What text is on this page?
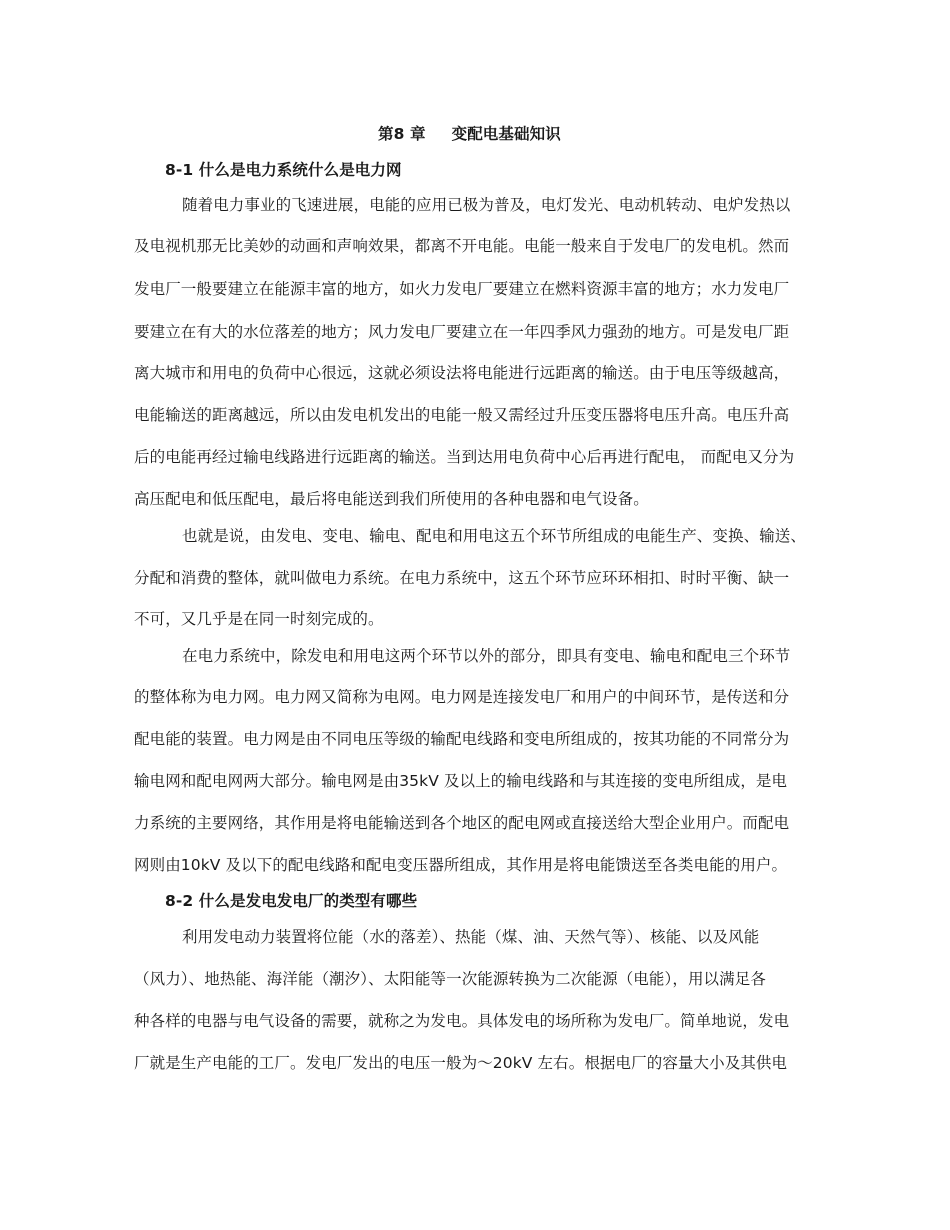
第8 章 变配电基础知识
8-1 什么是电力系统什么是电力网
随着电力事业的飞速进展，电能的应用已极为普及，电灯发光、电动机转动、电炉发热以
及电视机那无比美妙的动画和声响效果，都离不开电能。电能一般来自于发电厂的发电机。然而
发电厂一般要建立在能源丰富的地方，如火力发电厂要建立在燃料资源丰富的地方；水力发电厂
要建立在有大的水位落差的地方；风力发电厂要建立在一年四季风力强劲的地方。可是发电厂距
离大城市和用电的负荷中心很远，这就必须设法将电能进行远距离的输送。由于电压等级越高，
电能输送的距离越远，所以由发电机发出的电能一般又需经过升压变压器将电压升高。电压升高
后的电能再经过输电线路进行远距离的输送。当到达用电负荷中心后再进行配电， 而配电又分为
高压配电和低压配电，最后将电能送到我们所使用的各种电器和电气设备。
也就是说，由发电、变电、输电、配电和用电这五个环节所组成的电能生产、变换、输送、
分配和消费的整体，就叫做电力系统。在电力系统中，这五个环节应环环相扣、时时平衡、缺一
不可，又几乎是在同一时刻完成的。
在电力系统中，除发电和用电这两个环节以外的部分，即具有变电、输电和配电三个环节
的整体称为电力网。电力网又简称为电网。电力网是连接发电厂和用户的中间环节，是传送和分
配电能的装置。电力网是由不同电压等级的输配电线路和变电所组成的，按其功能的不同常分为
输电网和配电网两大部分。输电网是由35kV 及以上的输电线路和与其连接的变电所组成，是电
力系统的主要网络，其作用是将电能输送到各个地区的配电网或直接送给大型企业用户。而配电
网则由10kV 及以下的配电线路和配电变压器所组成，其作用是将电能馈送至各类电能的用户。
8-2 什么是发电发电厂的类型有哪些
利用发电动力装置将位能（水的落差）、热能（煤、油、天然气等）、核能、以及风能
（风力）、地热能、海洋能（潮汐）、太阳能等一次能源转换为二次能源（电能），用以满足各
种各样的电器与电气设备的需要，就称之为发电。具体发电的场所称为发电厂。简单地说，发电
厂就是生产电能的工厂。发电厂发出的电压一般为～20kV 左右。根据电厂的容量大小及其供电
